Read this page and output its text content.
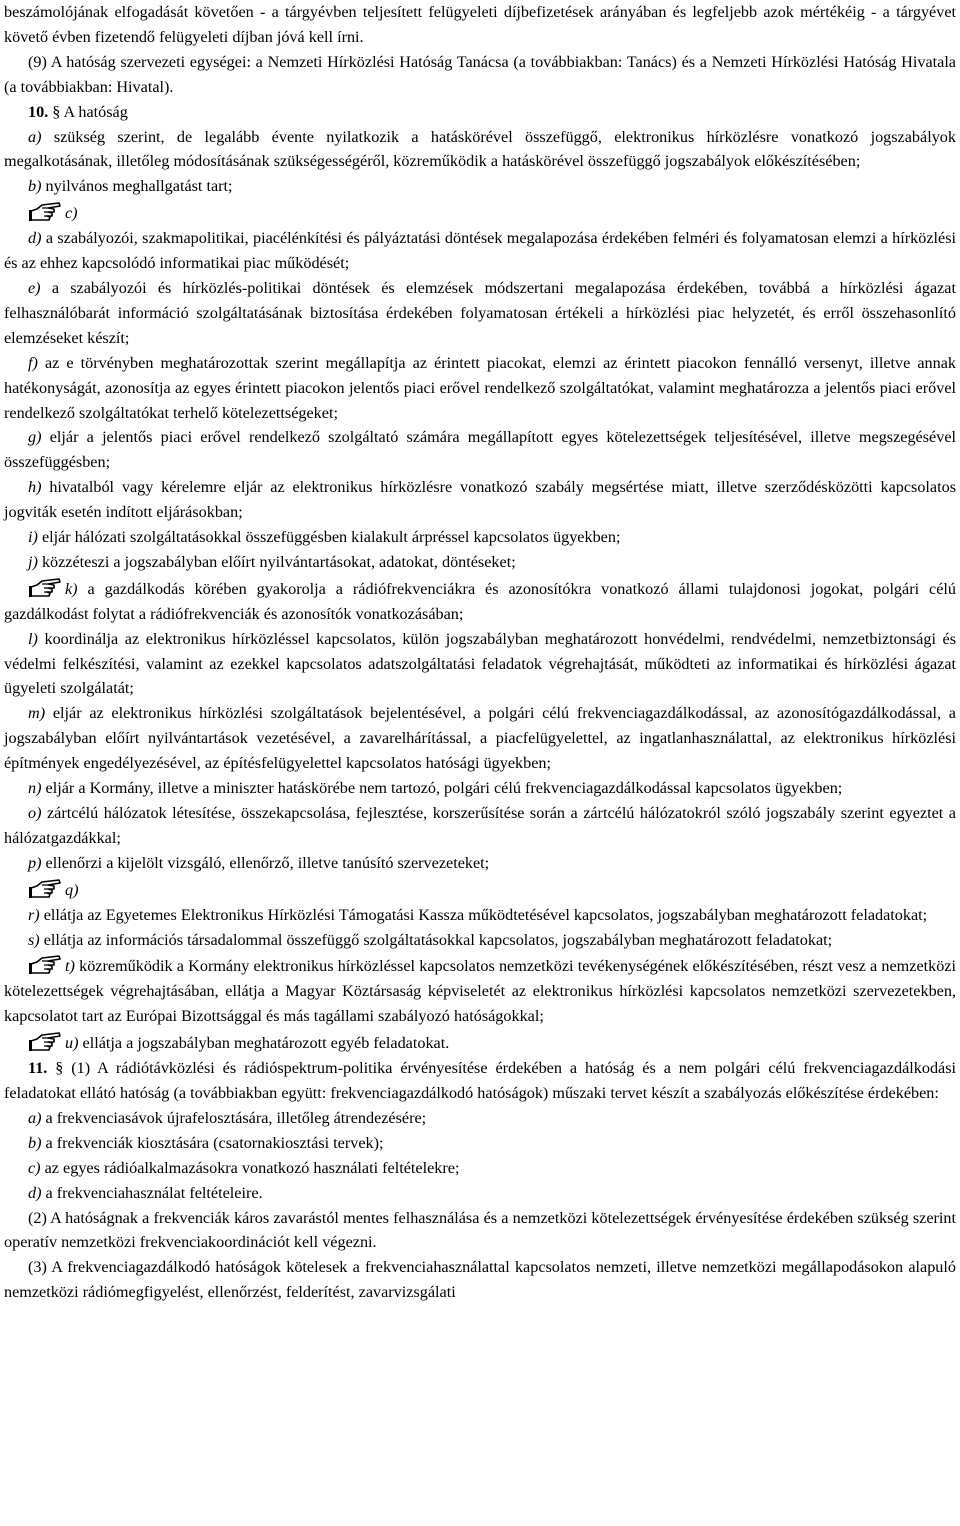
beszámolójának elfogadását követően - a tárgyévben teljesített felügyeleti díjbefizetések arányában és legfeljebb azok mértékéig - a tárgyévet követő évben fizetendő felügyeleti díjban jóvá kell írni.

(9) A hatóság szervezeti egységei: a Nemzeti Hírközlési Hatóság Tanácsa (a továbbiakban: Tanács) és a Nemzeti Hírközlési Hatóság Hivatala (a továbbiakban: Hivatal).

10. § A hatóság

a) szükség szerint, de legalább évente nyilatkozik a hatáskörével összefüggő, elektronikus hírközlésre vonatkozó jogszabályok megalkotásának, illetőleg módosításának szükségességéről, közreműködik a hatáskörével összefüggő jogszabályok előkészítésében;

b) nyilvános meghallgatást tart;

c)

d) a szabályozói, szakmapolitikai, piacélénkítési és pályáztatási döntések megalapozása érdekében felméri és folyamatosan elemzi a hírközlési és az ehhez kapcsolódó informatikai piac működését;

e) a szabályozói és hírközlés-politikai döntések és elemzések módszertani megalapozása érdekében, továbbá a hírközlési ágazat felhasználóbarát információ szolgáltatásának biztosítása érdekében folyamatosan értékeli a hírközlési piac helyzetét, és erről összehasonlító elemzéseket készít;

f) az e törvényben meghatározottak szerint megállapítja az érintett piacokat, elemzi az érintett piacokon fennálló versenyt, illetve annak hatékonyságát, azonosítja az egyes érintett piacokon jelentős piaci erővel rendelkező szolgáltatókat, valamint meghatározza a jelentős piaci erővel rendelkező szolgáltatókat terhelő kötelezettségeket;

g) eljár a jelentős piaci erővel rendelkező szolgáltató számára megállapított egyes kötelezettségek teljesítésével, illetve megszegésével összefüggésben;

h) hivatalból vagy kérelemre eljár az elektronikus hírközlésre vonatkozó szabály megsértése miatt, illetve szerződésközötti kapcsolatos jogviták esetén indított eljárásokban;

i) eljár hálózati szolgáltatásokkal összefüggésben kialakult árpréssel kapcsolatos ügyekben;

j) közzéteszi a jogszabályban előírt nyilvántartásokat, adatokat, döntéseket;

k) a gazdálkodás körében gyakorolja a rádiófrekvenciákra és azonosítókra vonatkozó állami tulajdonosi jogokat, polgári célú gazdálkodást folytat a rádiófrekvenciák és azonosítók vonatkozásában;

l) koordinálja az elektronikus hírközléssel kapcsolatos, külön jogszabályban meghatározott honvédelmi, rendvédelmi, nemzetbiztonsági és védelmi felkészítési, valamint az ezekkel kapcsolatos adatszolgáltatási feladatok végrehajtását, működteti az informatikai és hírközlési ágazat ügyeleti szolgálatát;

m) eljár az elektronikus hírközlési szolgáltatások bejelentésével, a polgári célú frekvenciagazdálkodással, az azonosítógazdálkodással, a jogszabályban előírt nyilvántartások vezetésével, a zavarelhárítással, a piacfelügyelettel, az ingatlanhasználattal, az elektronikus hírközlési építmények engedélyezésével, az építésfelügyelettel kapcsolatos hatósági ügyekben;

n) eljár a Kormány, illetve a miniszter hatáskörébe nem tartozó, polgári célú frekvenciagazdálkodással kapcsolatos ügyekben;

o) zártcélú hálózatok létesítése, összekapcsolása, fejlesztése, korszerűsítése során a zártcélú hálózatokról szóló jogszabály szerint egyeztet a hálózatgazdákkal;

p) ellenőrzi a kijelölt vizsgáló, ellenőrző, illetve tanúsító szervezeteket;

q)

r) ellátja az Egyetemes Elektronikus Hírközlési Támogatási Kassza működtetésével kapcsolatos, jogszabályban meghatározott feladatokat;

s) ellátja az információs társadalommal összefüggő szolgáltatásokkal kapcsolatos, jogszabályban meghatározott feladatokat;

t) közreműködik a Kormány elektronikus hírközléssel kapcsolatos nemzetközi tevékenységének előkészítésében, részt vesz a nemzetközi kötelezettségek végrehajtásában, ellátja a Magyar Köztársaság képviseletét az elektronikus hírközlési kapcsolatos nemzetközi szervezetekben, kapcsolatot tart az Európai Bizottsággal és más tagállami szabályozó hatóságokkal;

u) ellátja a jogszabályban meghatározott egyéb feladatokat.

11. § (1) A rádiótávközlési és rádióspektrum-politika érvényesítése érdekében a hatóság és a nem polgári célú frekvenciagazdálkodási feladatokat ellátó hatóság (a továbbiakban együtt: frekvenciagazdálkodó hatóságok) műszaki tervet készít a szabályozás előkészítése érdekében:

a) a frekvenciasávok újrafelosztására, illetőleg átrendezésére;

b) a frekvenciák kiosztására (csatornakiosztási tervek);

c) az egyes rádióalkalmazásokra vonatkozó használati feltételekre;

d) a frekvenciahasználat feltételeire.

(2) A hatóságnak a frekvenciák káros zavarástól mentes felhasználása és a nemzetközi kötelezettségek érvényesítése érdekében szükség szerint operatív nemzetközi frekvenciakoordinációt kell végezni.

(3) A frekvenciagazdálkodó hatóságok kötelesek a frekvenciahasználattal kapcsolatos nemzeti, illetve nemzetközi megállapodásokon alapuló nemzetközi rádiómegfigyelést, ellenőrzést, felderítést, zavarvizsgálati
